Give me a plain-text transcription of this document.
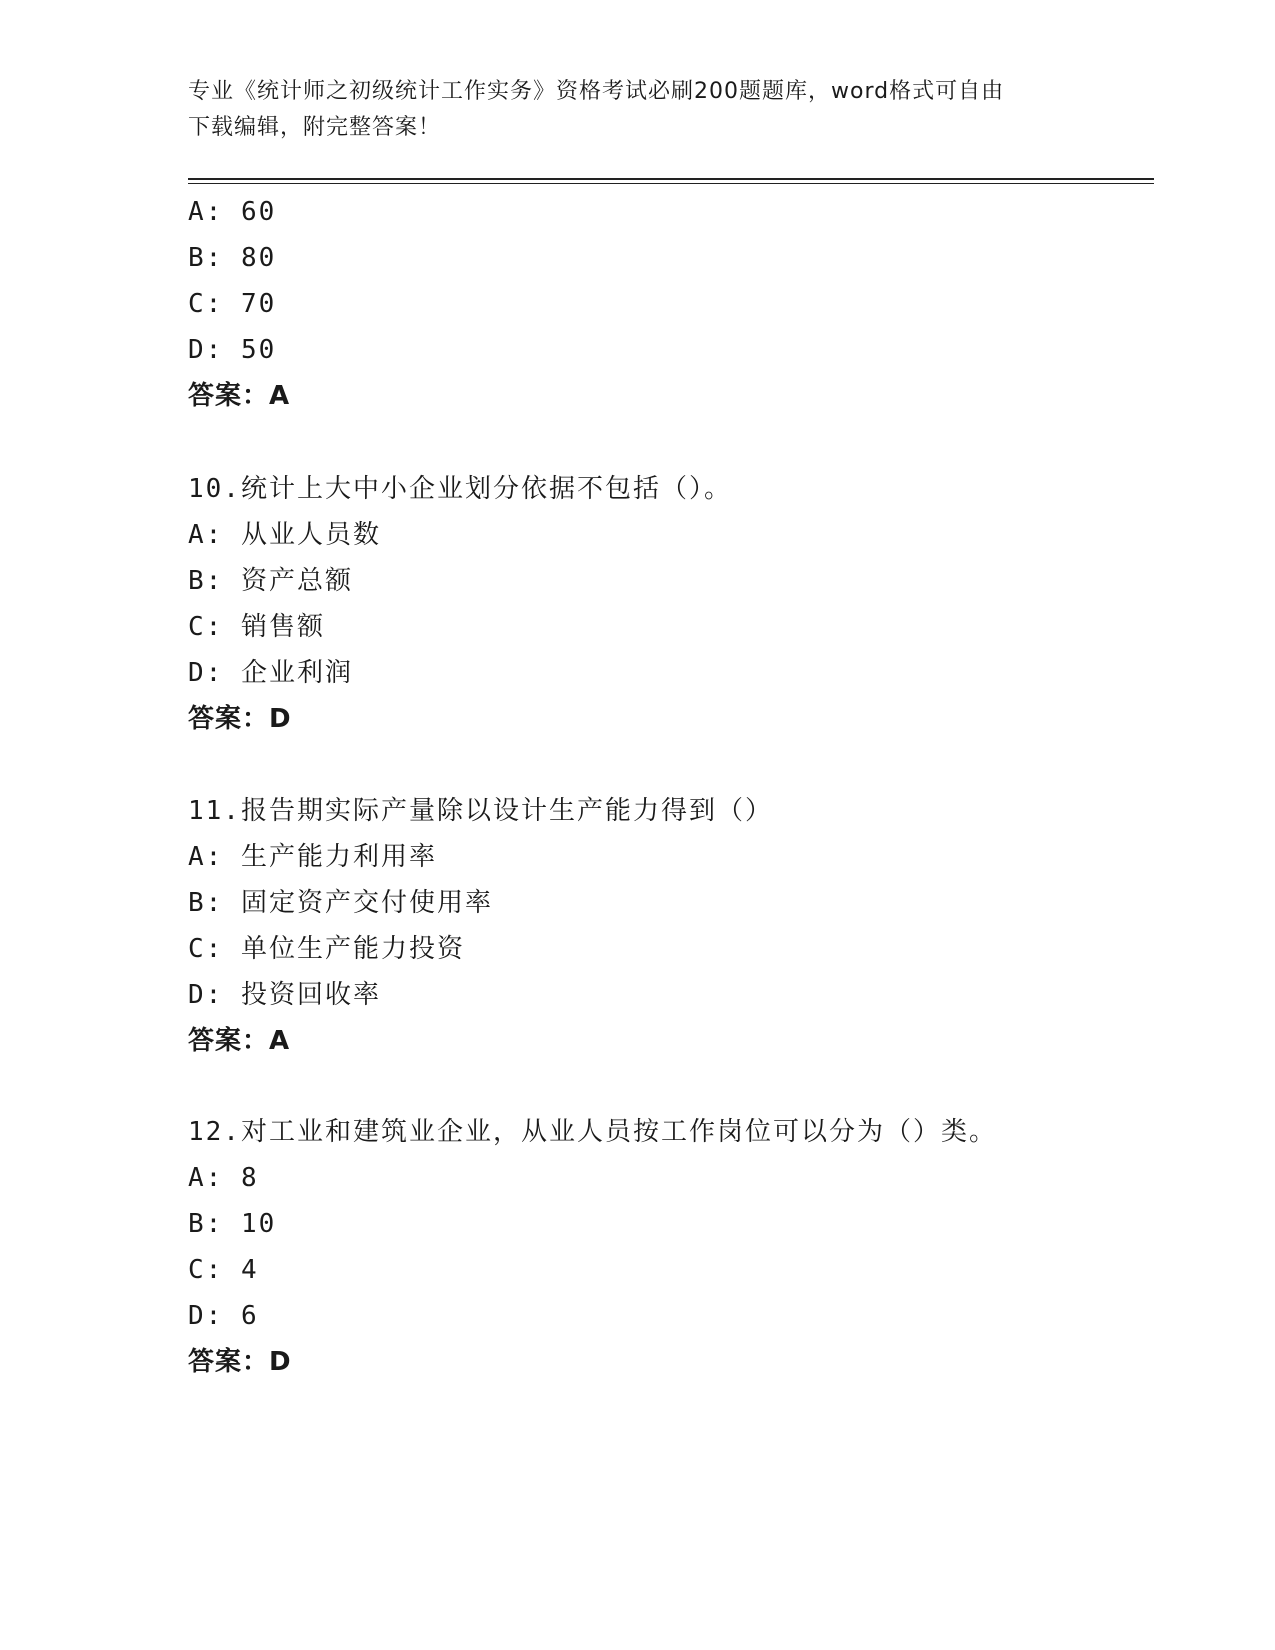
专业《统计师之初级统计工作实务》资格考试必刷200题题库，word格式可自由
下载编辑，附完整答案！
A: 60
B: 80
C: 70
D: 50
答案：A
10.统计上大中小企业划分依据不包括（）。
A: 从业人员数
B: 资产总额
C: 销售额
D: 企业利润
答案：D
11.报告期实际产量除以设计生产能力得到（）
A: 生产能力利用率
B: 固定资产交付使用率
C: 单位生产能力投资
D: 投资回收率
答案：A
12.对工业和建筑业企业，从业人员按工作岗位可以分为（）类。
A: 8
B: 10
C: 4
D: 6
答案：D
